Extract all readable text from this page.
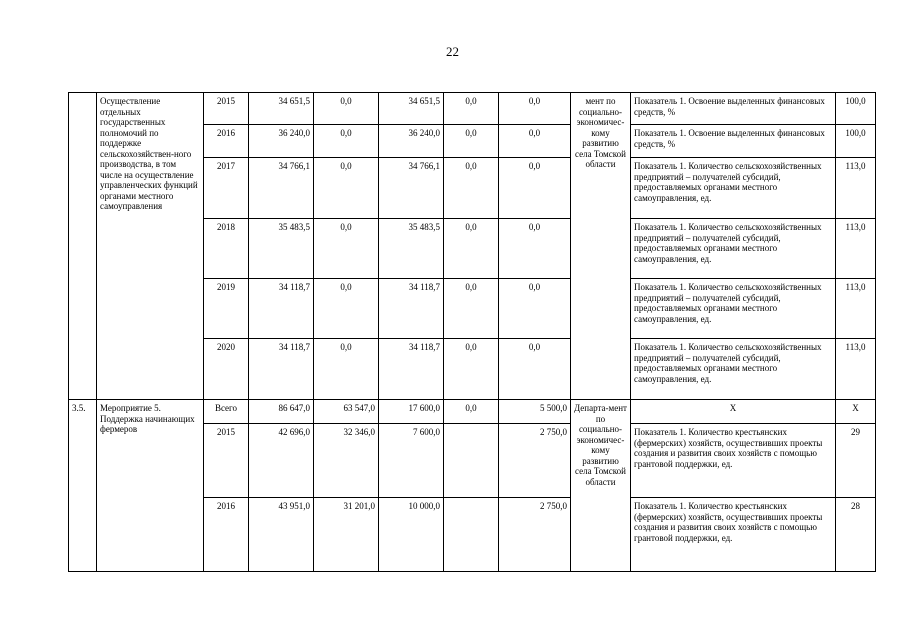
22
	Осуществление отдельных государственных полномочий по поддержке сельскохозяйствен-ного производства, в том числе на осуществление управленческих функций органами местного самоуправления	2015	34 651,5	0,0	34 651,5	0,0	0,0	мент по социально-экономичес-кому развитию села Томской области	Показатель 1. Освоение выделенных финансовых средств, %	100,0
		2016	36 240,0	0,0	36 240,0	0,0	0,0		Показатель 1. Освоение выделенных финансовых средств, %	100,0
		2017	34 766,1	0,0	34 766,1	0,0	0,0		Показатель 1. Количество сельскохозяйственных предприятий – получателей субсидий, предоставляемых органами местного самоуправления, ед.	113,0
		2018	35 483,5	0,0	35 483,5	0,0	0,0		Показатель 1. Количество сельскохозяйственных предприятий – получателей субсидий, предоставляемых органами местного самоуправления, ед.	113,0
		2019	34 118,7	0,0	34 118,7	0,0	0,0		Показатель 1. Количество сельскохозяйственных предприятий – получателей субсидий, предоставляемых органами местного самоуправления, ед.	113,0
		2020	34 118,7	0,0	34 118,7	0,0	0,0		Показатель 1. Количество сельскохозяйственных предприятий – получателей субсидий, предоставляемых органами местного самоуправления, ед.	113,0
3.5.	Мероприятие 5. Поддержка начинающих фермеров	Всего	86 647,0	63 547,0	17 600,0	0,0	5 500,0	Департа-мент по социально-экономичес-кому развитию села Томской области	Х	Х
		2015	42 696,0	32 346,0	7 600,0		2 750,0		Показатель 1. Количество крестьянских (фермерских) хозяйств, осуществивших проекты создания и развития своих хозяйств с помощью грантовой поддержки, ед.	29
		2016	43 951,0	31 201,0	10 000,0		2 750,0		Показатель 1. Количество крестьянских (фермерских) хозяйств, осуществивших проекты создания и развития своих хозяйств с помощью грантовой поддержки, ед.	28
